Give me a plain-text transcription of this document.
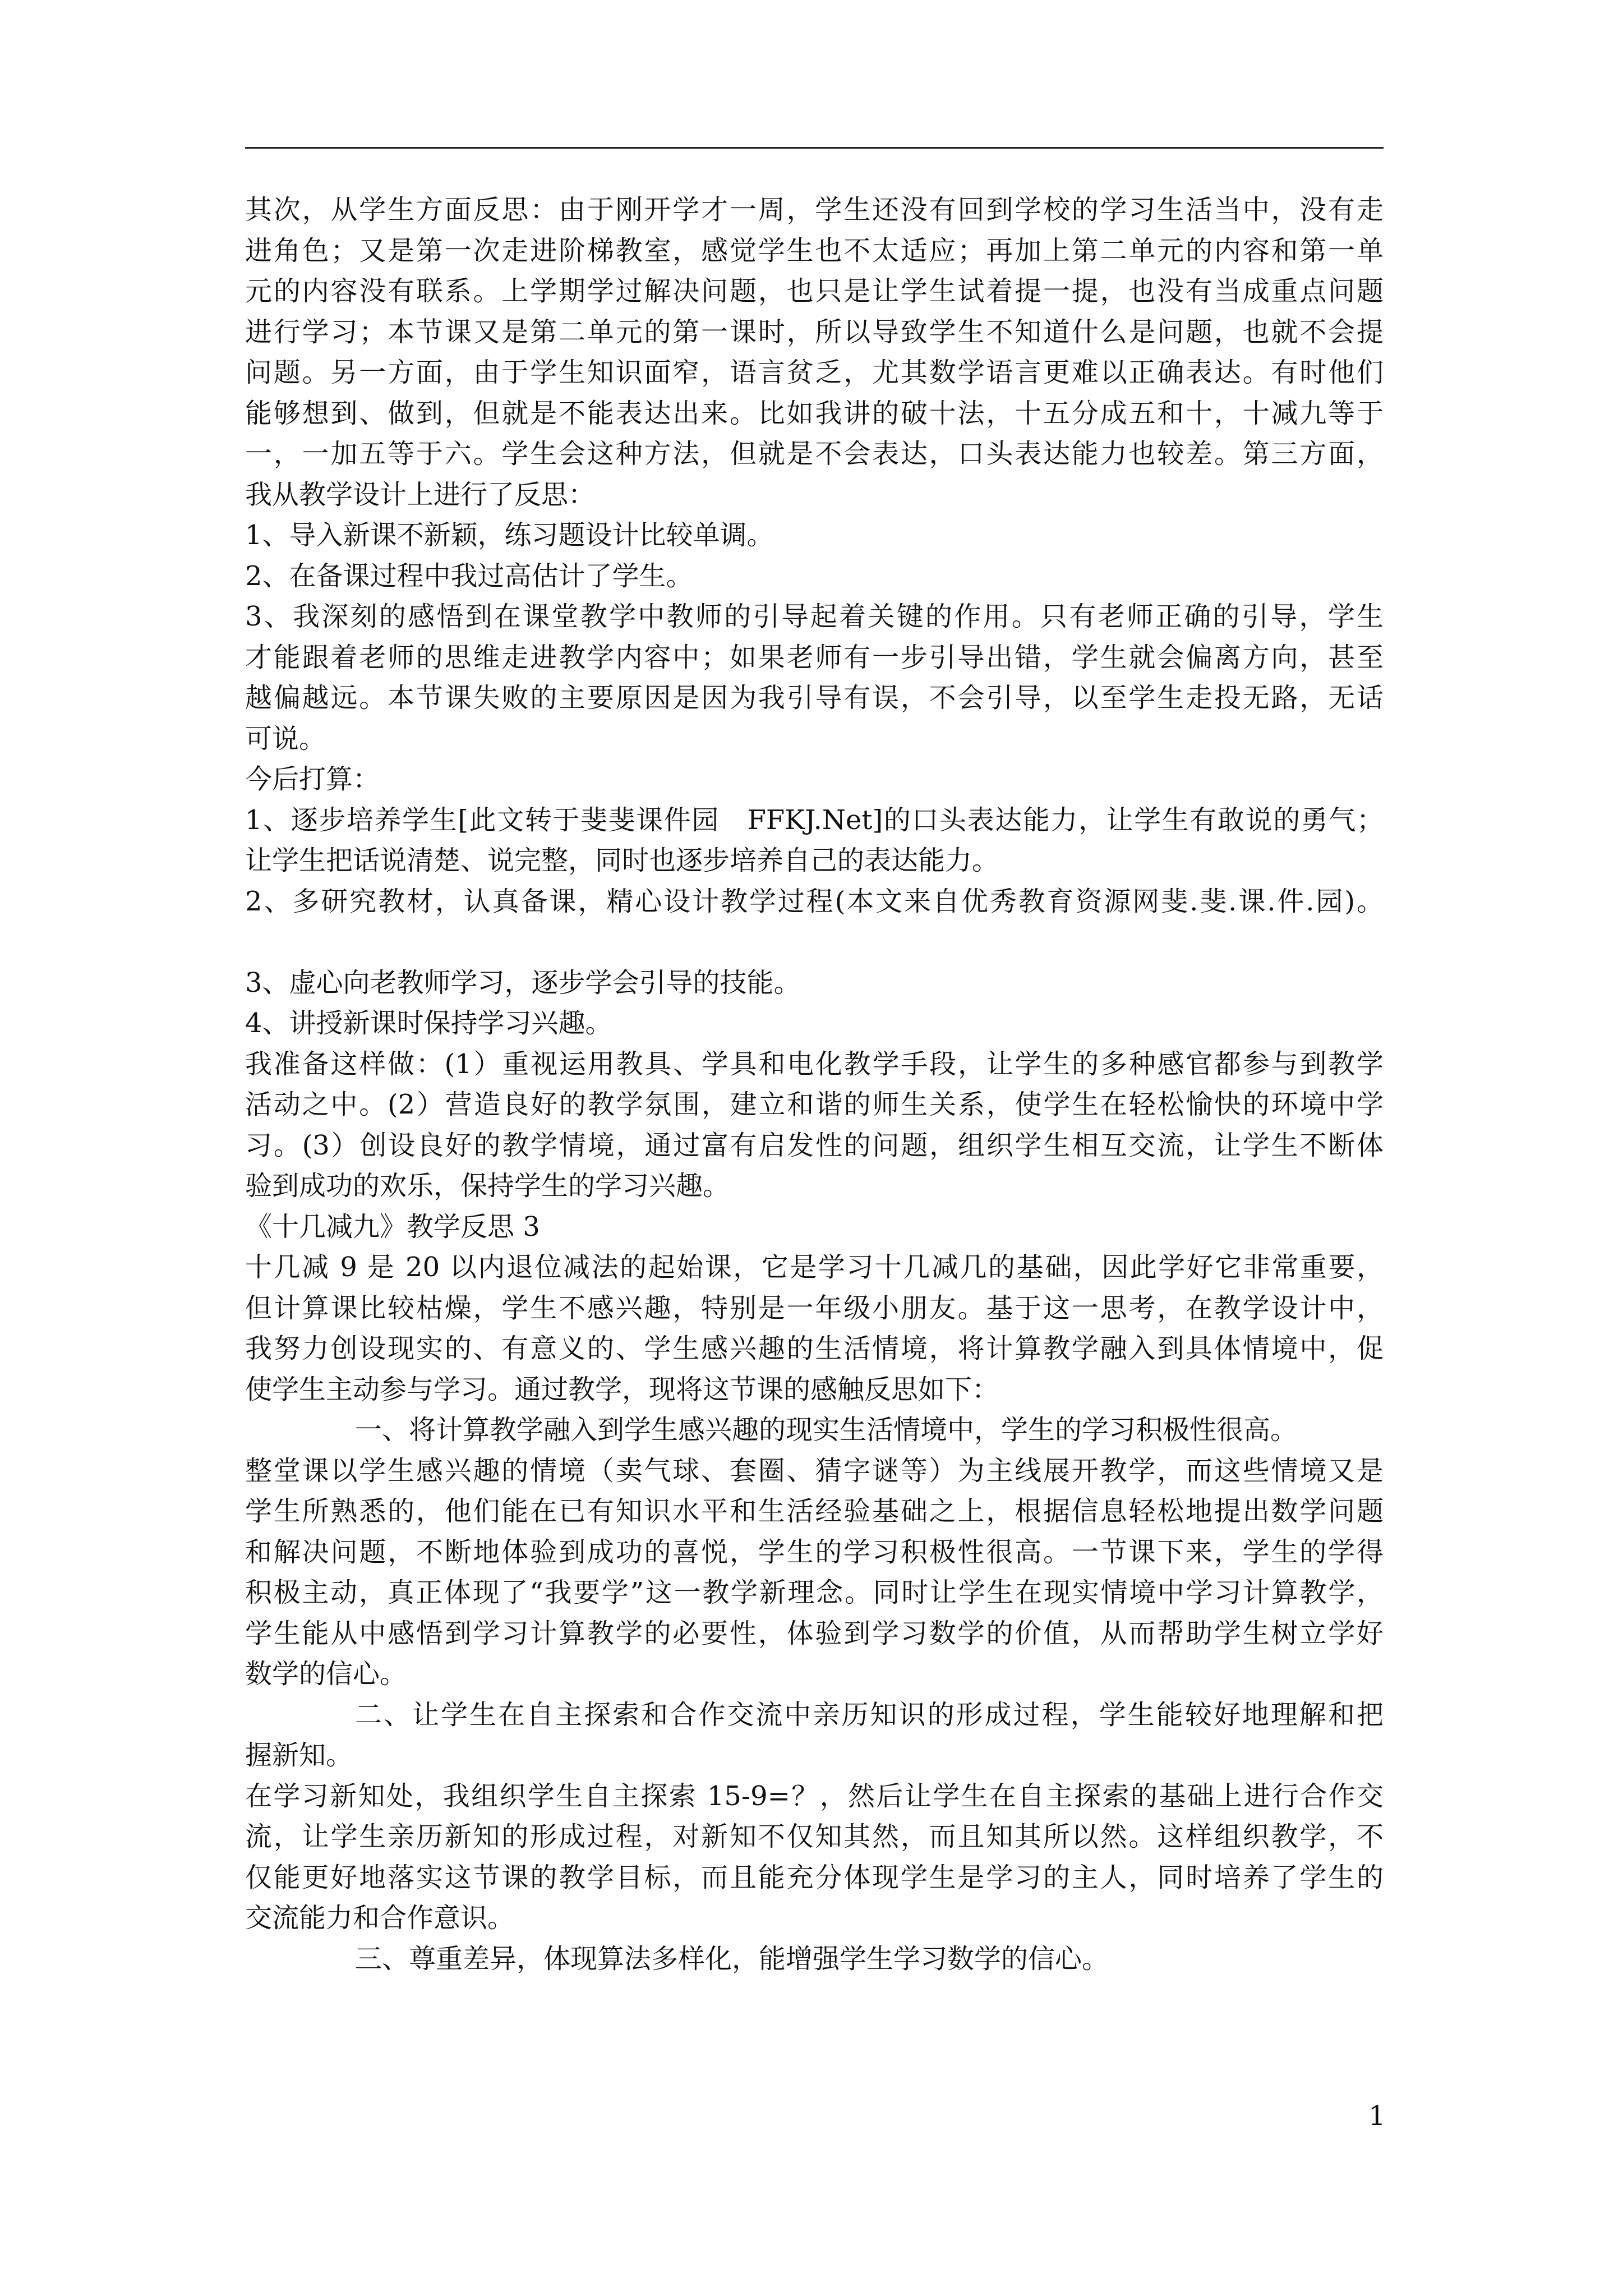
其次，从学生方面反思：由于刚开学才一周，学生还没有回到学校的学习生活当中，没有走
进角色；又是第一次走进阶梯教室，感觉学生也不太适应；再加上第二单元的内容和第一单
元的内容没有联系。上学期学过解决问题，也只是让学生试着提一提，也没有当成重点问题
进行学习；本节课又是第二单元的第一课时，所以导致学生不知道什么是问题，也就不会提
问题。另一方面，由于学生知识面窄，语言贫乏，尤其数学语言更难以正确表达。有时他们
能够想到、做到，但就是不能表达出来。比如我讲的破十法，十五分成五和十，十减九等于
一，一加五等于六。学生会这种方法，但就是不会表达，口头表达能力也较差。第三方面，
我从教学设计上进行了反思：
1、导入新课不新颖，练习题设计比较单调。
2、在备课过程中我过高估计了学生。
3、我深刻的感悟到在课堂教学中教师的引导起着关键的作用。只有老师正确的引导，学生
才能跟着老师的思维走进教学内容中；如果老师有一步引导出错，学生就会偏离方向，甚至
越偏越远。本节课失败的主要原因是因为我引导有误，不会引导，以至学生走投无路，无话
可说。
今后打算：
1、逐步培养学生[此文转于斐斐课件园　FFKJ.Net]的口头表达能力，让学生有敢说的勇气；
让学生把话说清楚、说完整，同时也逐步培养自己的表达能力。
2、多研究教材，认真备课，精心设计教学过程(本文来自优秀教育资源网斐.斐.课.件.园)。
3、虚心向老教师学习，逐步学会引导的技能。
4、讲授新课时保持学习兴趣。
我准备这样做：(1）重视运用教具、学具和电化教学手段，让学生的多种感官都参与到教学
活动之中。(2）营造良好的教学氛围，建立和谐的师生关系，使学生在轻松愉快的环境中学
习。(3）创设良好的教学情境，通过富有启发性的问题，组织学生相互交流，让学生不断体
验到成功的欢乐，保持学生的学习兴趣。
《十几减九》教学反思 3
十几减 9 是 20 以内退位减法的起始课，它是学习十几减几的基础，因此学好它非常重要，
但计算课比较枯燥，学生不感兴趣，特别是一年级小朋友。基于这一思考，在教学设计中，
我努力创设现实的、有意义的、学生感兴趣的生活情境，将计算教学融入到具体情境中，促
使学生主动参与学习。通过教学，现将这节课的感触反思如下：
一、将计算教学融入到学生感兴趣的现实生活情境中，学生的学习积极性很高。
整堂课以学生感兴趣的情境（卖气球、套圈、猜字谜等）为主线展开教学，而这些情境又是
学生所熟悉的，他们能在已有知识水平和生活经验基础之上，根据信息轻松地提出数学问题
和解决问题，不断地体验到成功的喜悦，学生的学习积极性很高。一节课下来，学生的学得
积极主动，真正体现了“我要学”这一教学新理念。同时让学生在现实情境中学习计算教学，
学生能从中感悟到学习计算教学的必要性，体验到学习数学的价值，从而帮助学生树立学好
数学的信心。
二、让学生在自主探索和合作交流中亲历知识的形成过程，学生能较好地理解和把
握新知。
在学习新知处，我组织学生自主探索 15-9=？，然后让学生在自主探索的基础上进行合作交
流，让学生亲历新知的形成过程，对新知不仅知其然，而且知其所以然。这样组织教学，不
仅能更好地落实这节课的教学目标，而且能充分体现学生是学习的主人，同时培养了学生的
交流能力和合作意识。
三、尊重差异，体现算法多样化，能增强学生学习数学的信心。
1
